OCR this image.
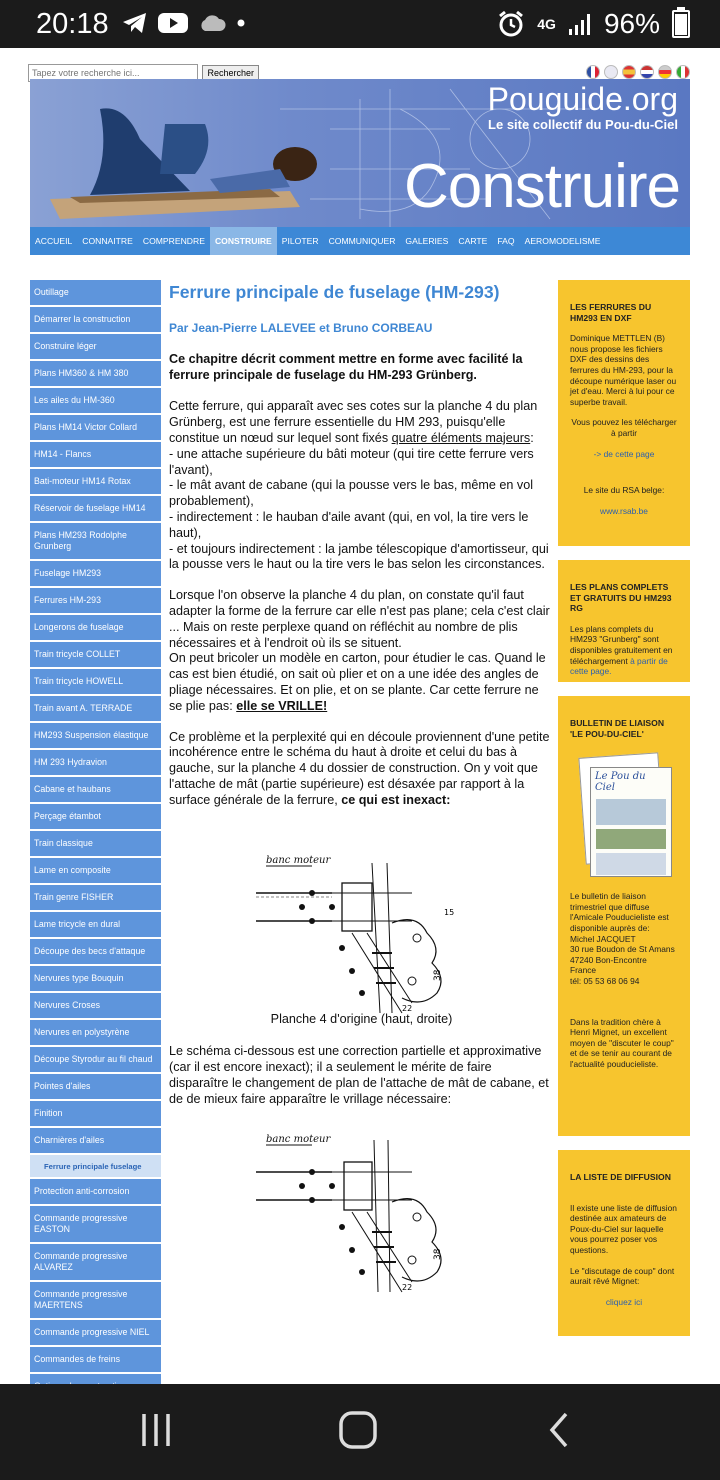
20:18	4G 96%
Tapez votre recherche ici... Rechercher
Pouguide.org
Le site collectif du Pou-du-Ciel
Construire
ACCUEIL	CONNAITRE	COMPRENDRE	CONSTRUIRE	PILOTER	COMMUNIQUER	GALERIES	CARTE	FAQ	AEROMODELISME
Outillage
Démarrer la construction
Construire léger
Plans HM360 & HM 380
Les ailes du HM-360
Plans HM14 Victor Collard
HM14 - Flancs
Bati-moteur HM14 Rotax
Réservoir de fuselage HM14
Plans HM293 Rodolphe Grunberg
Fuselage HM293
Ferrures HM-293
Longerons de fuselage
Train tricycle COLLET
Train tricycle HOWELL
Train avant A. TERRADE
HM293 Suspension élastique
HM 293 Hydravion
Cabane et haubans
Perçage étambot
Train classique
Lame en composite
Train genre FISHER
Lame tricycle en dural
Découpe des becs d'attaque
Nervures type Bouquin
Nervures Croses
Nervures en polystyrène
Découpe Styrodur au fil chaud
Pointes d'ailes
Finition
Charnières d'ailes
Ferrure principale fuselage
Protection anti-corrosion
Commande progressive EASTON
Commande progressive ALVAREZ
Commande progressive MAERTENS
Commande progressive NIEL
Commandes de freins
Ferrure principale de fuselage (HM-293)

Par Jean-Pierre LALEVEE et Bruno CORBEAU

Ce chapitre décrit comment mettre en forme avec facilité la ferrure principale de fuselage du HM-293 Grünberg.

Cette ferrure, qui apparaît avec ses cotes sur la planche 4 du plan Grünberg, est une ferrure essentielle du HM 293, puisqu'elle constitue un nœud sur lequel sont fixés quatre éléments majeurs:

- une attache supérieure du bâti moteur (qui tire cette ferrure vers l'avant),

- le mât avant de cabane (qui la pousse vers le bas, même en vol probablement),

- indirectement : le hauban d'aile avant (qui, en vol, la tire vers le haut),

- et toujours indirectement : la jambe télescopique d'amortisseur, qui la pousse vers le haut ou la tire vers le bas selon les circonstances.

Lorsque l'on observe la planche 4 du plan, on constate qu'il faut adapter la forme de la ferrure car elle n'est pas plane; cela c'est clair ... Mais on reste perplexe quand on réfléchit au nombre de plis nécessaires et à l'endroit où ils se situent.

On peut bricoler un modèle en carton, pour étudier le cas. Quand le cas est bien étudié, on sait où plier et on a une idée des angles de pliage nécessaires. Et on plie, et on se plante. Car cette ferrure ne se plie pas: elle se VRILLE!

Ce problème et la perplexité qui en découle proviennent d'une petite incohérence entre le schéma du haut à droite et celui du bas à gauche, sur la planche 4 du dossier de construction. On y voit que l'attache de mât (partie supérieure) est désaxée par rapport à la surface générale de la ferrure, ce qui est inexact:

banc moteur
38
22
15
Planche 4 d'origine (haut, droite)

Le schéma ci-dessous est une correction partielle et approximative (car il est encore inexact); il a seulement le mérite de faire disparaître le changement de plan de l'attache de mât de cabane, et de de mieux faire apparaître le vrillage nécessaire:

banc moteur
38
22
LES FERRURES DU HM293 EN DXF
Dominique METTLEN (B) nous propose les fichiers DXF des dessins des ferrures du HM-293, pour la découpe numérique laser ou jet d'eau. Merci à lui pour ce superbe travail.
Vous pouvez les télécharger à partir
-> de cette page
Le site du RSA belge:
www.rsab.be
LES PLANS COMPLETS ET GRATUITS DU HM293 RG
Les plans complets du HM293 "Grunberg" sont disponibles gratuitement en téléchargement à partir de cette page.
BULLETIN DE LIAISON 'LE POU-DU-CIEL'
Le Pou du Ciel
Le bulletin de liaison trimestriel que diffuse l'Amicale Pouducieliste est disponible auprès de:
Michel JACQUET
30 rue Boudon de St Amans
47240 Bon-Encontre
France
tél: 05 53 68 06 94
Dans la tradition chère à Henri Mignet, un excellent moyen de "discuter le coup" et de se tenir au courant de l'actualité pouducieliste.
LA LISTE DE DIFFUSION
Il existe une liste de diffusion destinée aux amateurs de Poux-du-Ciel sur laquelle vous pourrez poser vos questions.
Le "discutage de coup" dont aurait rêvé Mignet:
cliquez ici
